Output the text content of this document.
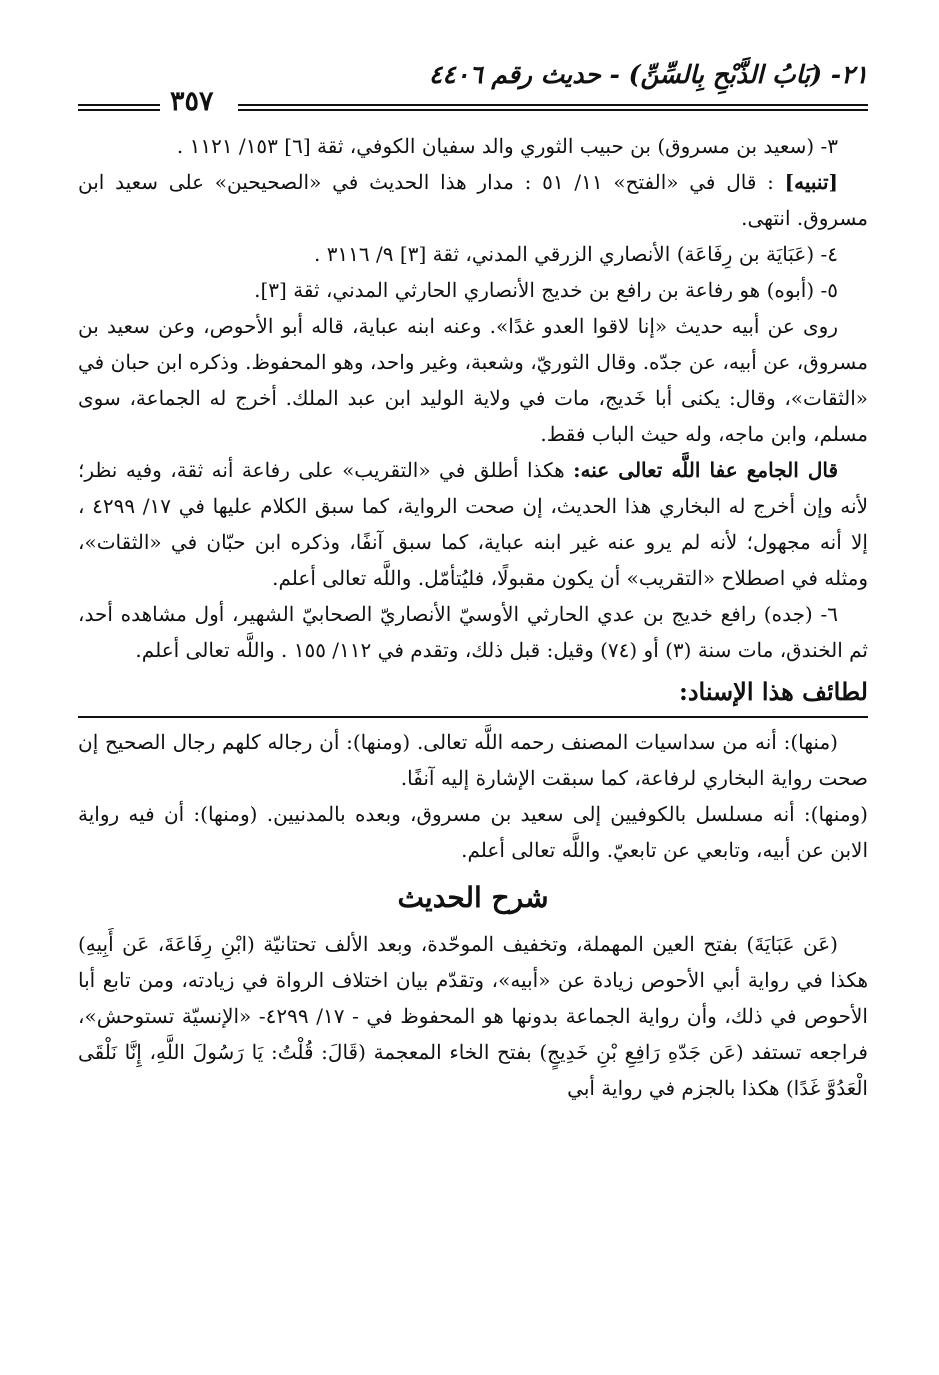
٢١- (بَابُ الذَّبْحِ بِالسِّنِّ) - حديث رقم ٤٤٠٦
٣٥٧

٣- (سعيد بن مسروق) بن حبيب الثوري والد سفيان الكوفي، ثقة [٦] ١٥٣/ ١١٢١ .

[تنبيه] : قال في «الفتح» ١١/ ٥١ : مدار هذا الحديث في «الصحيحين» على سعيد ابن مسروق. انتهى.

٤- (عَبَايَة بن رِفَاعَة) الأنصاري الزرقي المدني، ثقة [٣] ٩/ ٣١١٦ .

٥- (أبوه) هو رفاعة بن رافع بن خديج الأنصاري الحارثي المدني، ثقة [٣].

روى عن أبيه حديث «إنا لاقوا العدو غدًا». وعنه ابنه عباية، قاله أبو الأحوص، وعن سعيد بن مسروق، عن أبيه، عن جدّه. وقال الثوريّ، وشعبة، وغير واحد، وهو المحفوظ. وذكره ابن حبان في «الثقات»، وقال: يكنى أبا خَديج، مات في ولاية الوليد ابن عبد الملك. أخرج له الجماعة، سوى مسلم، وابن ماجه، وله حيث الباب فقط.

قال الجامع عفا اللَّه تعالى عنه: هكذا أطلق في «التقريب» على رفاعة أنه ثقة، وفيه نظر؛ لأنه وإن أخرج له البخاري هذا الحديث، إن صحت الرواية، كما سبق الكلام عليها في ١٧/ ٤٢٩٩ ، إلا أنه مجهول؛ لأنه لم يرو عنه غير ابنه عباية، كما سبق آنفًا، وذكره ابن حبّان في «الثقات»، ومثله في اصطلاح «التقريب» أن يكون مقبولًا، فليُتأمّل. واللَّه تعالى أعلم.

٦- (جده) رافع خديج بن عدي الحارثي الأوسيّ الأنصاريّ الصحابيّ الشهير، أول مشاهده أحد، ثم الخندق، مات سنة (٣) أو (٧٤) وقيل: قبل ذلك، وتقدم في ١١٢/ ١٥٥ . واللَّه تعالى أعلم.

لطائف هذا الإسناد:

(منها): أنه من سداسيات المصنف رحمه اللَّه تعالى. (ومنها): أن رجاله كلهم رجال الصحيح إن صحت رواية البخاري لرفاعة، كما سبقت الإشارة إليه آنفًا.

(ومنها): أنه مسلسل بالكوفيين إلى سعيد بن مسروق، وبعده بالمدنيين. (ومنها): أن فيه رواية الابن عن أبيه، وتابعي عن تابعيّ. واللَّه تعالى أعلم.

شرح الحديث

(عَن عَبَايَةَ) بفتح العين المهملة، وتخفيف الموحّدة، وبعد الألف تحتانيّة (ابْنِ رِفَاعَةَ، عَن أَبِيهِ) هكذا في رواية أبي الأحوص زيادة عن «أبيه»، وتقدّم بيان اختلاف الرواة في زيادته، ومن تابع أبا الأحوص في ذلك، وأن رواية الجماعة بدونها هو المحفوظ في - ١٧/ ٤٢٩٩- «الإنسيّة تستوحش»، فراجعه تستفد (عَن جَدّهِ رَافِعِ بْنِ خَدِيجٍ) بفتح الخاء المعجمة (قَالَ: قُلْتُ: يَا رَسُولَ اللَّهِ، إِنَّا نَلْقَى الْعَدُوَّ غَدًا) هكذا بالجزم في رواية أبي
